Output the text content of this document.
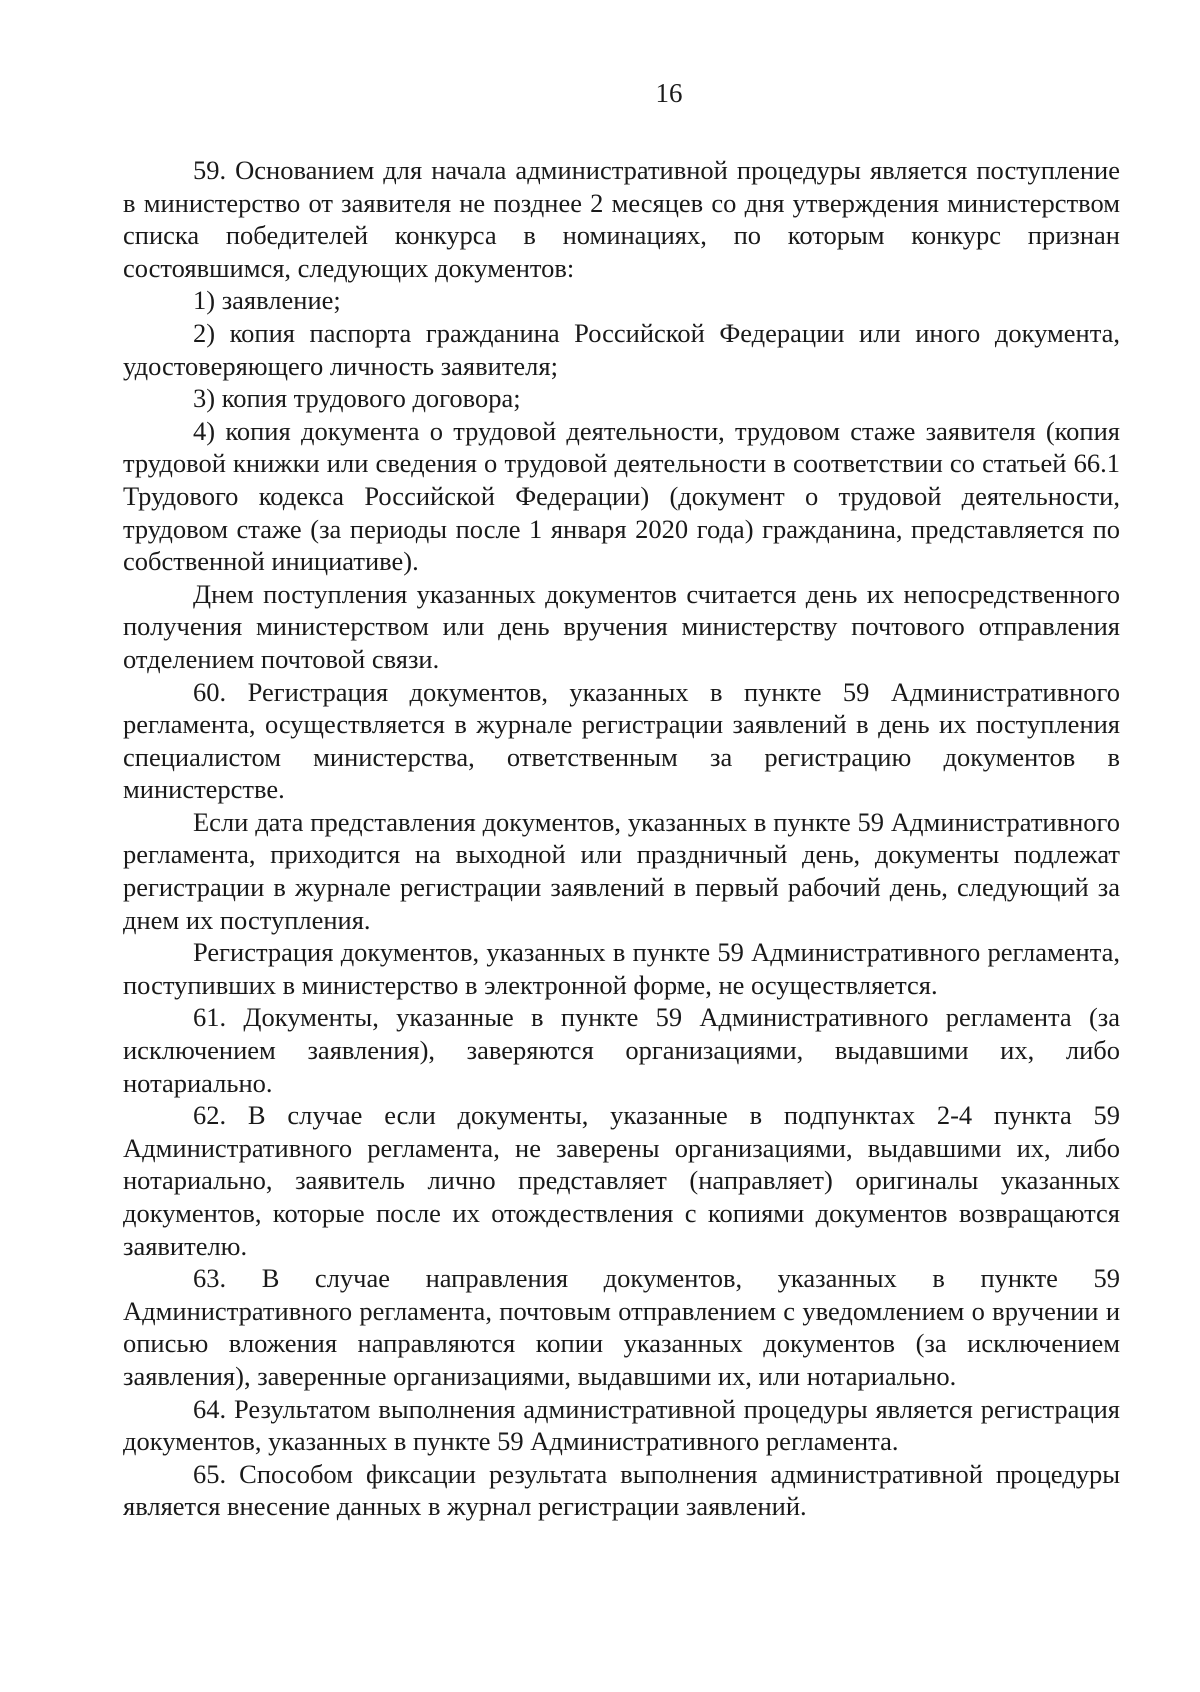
16

59. Основанием для начала административной процедуры является поступление в министерство от заявителя не позднее 2 месяцев со дня утверждения министерством списка победителей конкурса в номинациях, по которым конкурс признан состоявшимся, следующих документов:

1) заявление;

2) копия паспорта гражданина Российской Федерации или иного документа, удостоверяющего личность заявителя;

3) копия трудового договора;

4) копия документа о трудовой деятельности, трудовом стаже заявителя (копия трудовой книжки или сведения о трудовой деятельности в соответствии со статьей 66.1 Трудового кодекса Российской Федерации) (документ о трудовой деятельности, трудовом стаже (за периоды после 1 января 2020 года) гражданина, представляется по собственной инициативе).

Днем поступления указанных документов считается день их непосредственного получения министерством или день вручения министерству почтового отправления отделением почтовой связи.

60. Регистрация документов, указанных в пункте 59 Административного регламента, осуществляется в журнале регистрации заявлений в день их поступления специалистом министерства, ответственным за регистрацию документов в министерстве.

Если дата представления документов, указанных в пункте 59 Административного регламента, приходится на выходной или праздничный день, документы подлежат регистрации в журнале регистрации заявлений в первый рабочий день, следующий за днем их поступления.

Регистрация документов, указанных в пункте 59 Административного регламента, поступивших в министерство в электронной форме, не осуществляется.

61. Документы, указанные в пункте 59 Административного регламента (за исключением заявления), заверяются организациями, выдавшими их, либо нотариально.

62. В случае если документы, указанные в подпунктах 2-4 пункта 59 Административного регламента, не заверены организациями, выдавшими их, либо нотариально, заявитель лично представляет (направляет) оригиналы указанных документов, которые после их отождествления с копиями документов возвращаются заявителю.

63. В случае направления документов, указанных в пункте 59 Административного регламента, почтовым отправлением с уведомлением о вручении и описью вложения направляются копии указанных документов (за исключением заявления), заверенные организациями, выдавшими их, или нотариально.

64. Результатом выполнения административной процедуры является регистрация документов, указанных в пункте 59 Административного регламента.

65. Способом фиксации результата выполнения административной процедуры является внесение данных в журнал регистрации заявлений.
